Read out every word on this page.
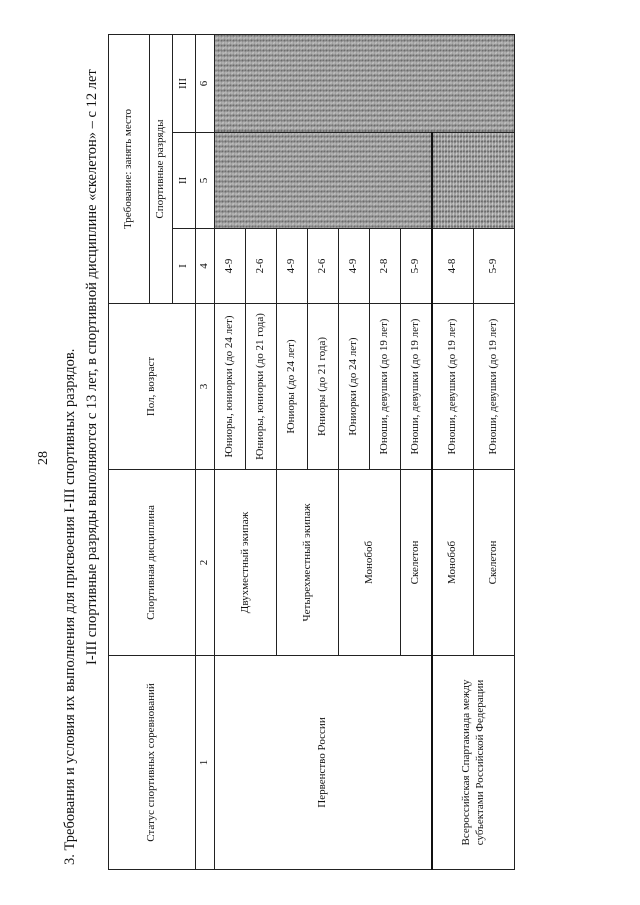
28 3. Требования и условия их выполнения для присвоения I-III спортивных разрядов. I-III спортивные разряды выполняются с 13 лет, в спортивной дисциплине «скелетон» – с 12 лет
Статус спортивных соревнований	Спортивная дисциплина	Пол, возраст	Требование: занять место		
			Спортивные разряды		
			I	II	III
1	2	3	4	5	6
Первенство России	Двухместный экипаж	Юниоры, юниорки (до 24 лет)	4-9		
		Юниоры, юниорки (до 21 года)	2-6		
	Четырехместный экипаж	Юниоры (до 24 лет)	4-9		
		Юниоры (до 21 года)	2-6		
	Монобоб	Юниорки (до 24 лет)	4-9		
		Юноши, девушки (до 19 лет)	2-8		
	Скелетон	Юноши, девушки (до 19 лет)	5-9		
Всероссийская Спартакиада между субъектами Российской Федерации	Монобоб	Юноши, девушки (до 19 лет)	4-8		
	Скелетон	Юноши, девушки (до 19 лет)	5-9		
